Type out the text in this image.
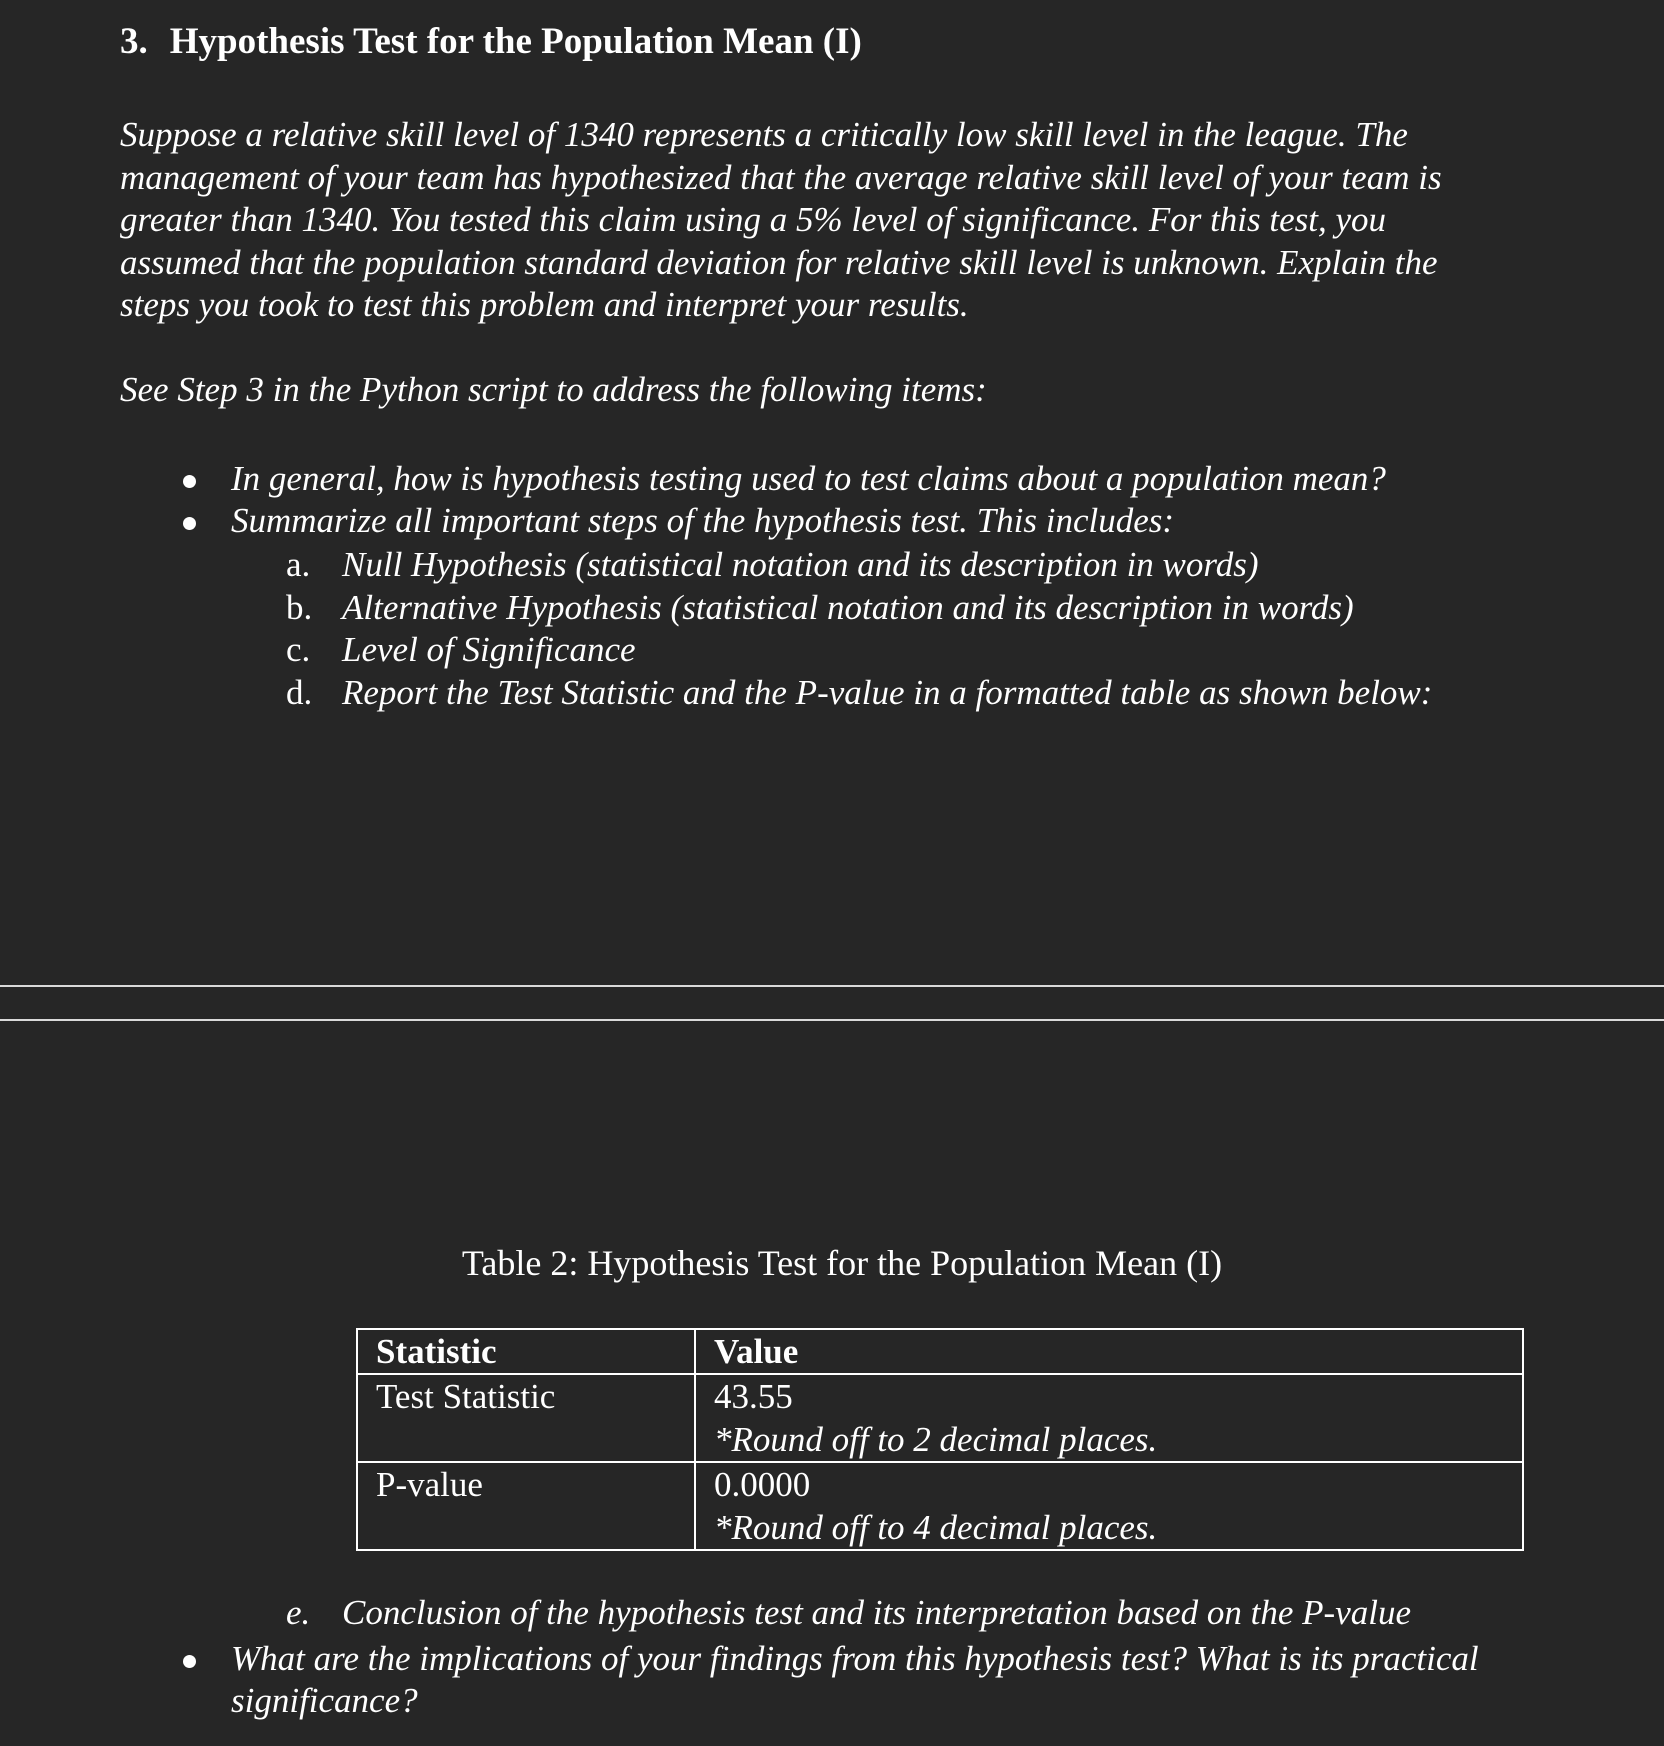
3. Hypothesis Test for the Population Mean (I)
Suppose a relative skill level of 1340 represents a critically low skill level in the league. The
management of your team has hypothesized that the average relative skill level of your team is
greater than 1340. You tested this claim using a 5% level of significance. For this test, you
assumed that the population standard deviation for relative skill level is unknown. Explain the
steps you took to test this problem and interpret your results.
See Step 3 in the Python script to address the following items:
In general, how is hypothesis testing used to test claims about a population mean?
Summarize all important steps of the hypothesis test. This includes:
a. Null Hypothesis (statistical notation and its description in words)
b. Alternative Hypothesis (statistical notation and its description in words)
c. Level of Significance
d. Report the Test Statistic and the P-value in a formatted table as shown below:
Table 2: Hypothesis Test for the Population Mean (I)
Statistic	Value
Test Statistic	43.55
*Round off to 2 decimal places.

P-value	0.0000
*Round off to 4 decimal places.
e. Conclusion of the hypothesis test and its interpretation based on the P-value
What are the implications of your findings from this hypothesis test? What is its practical
significance?
